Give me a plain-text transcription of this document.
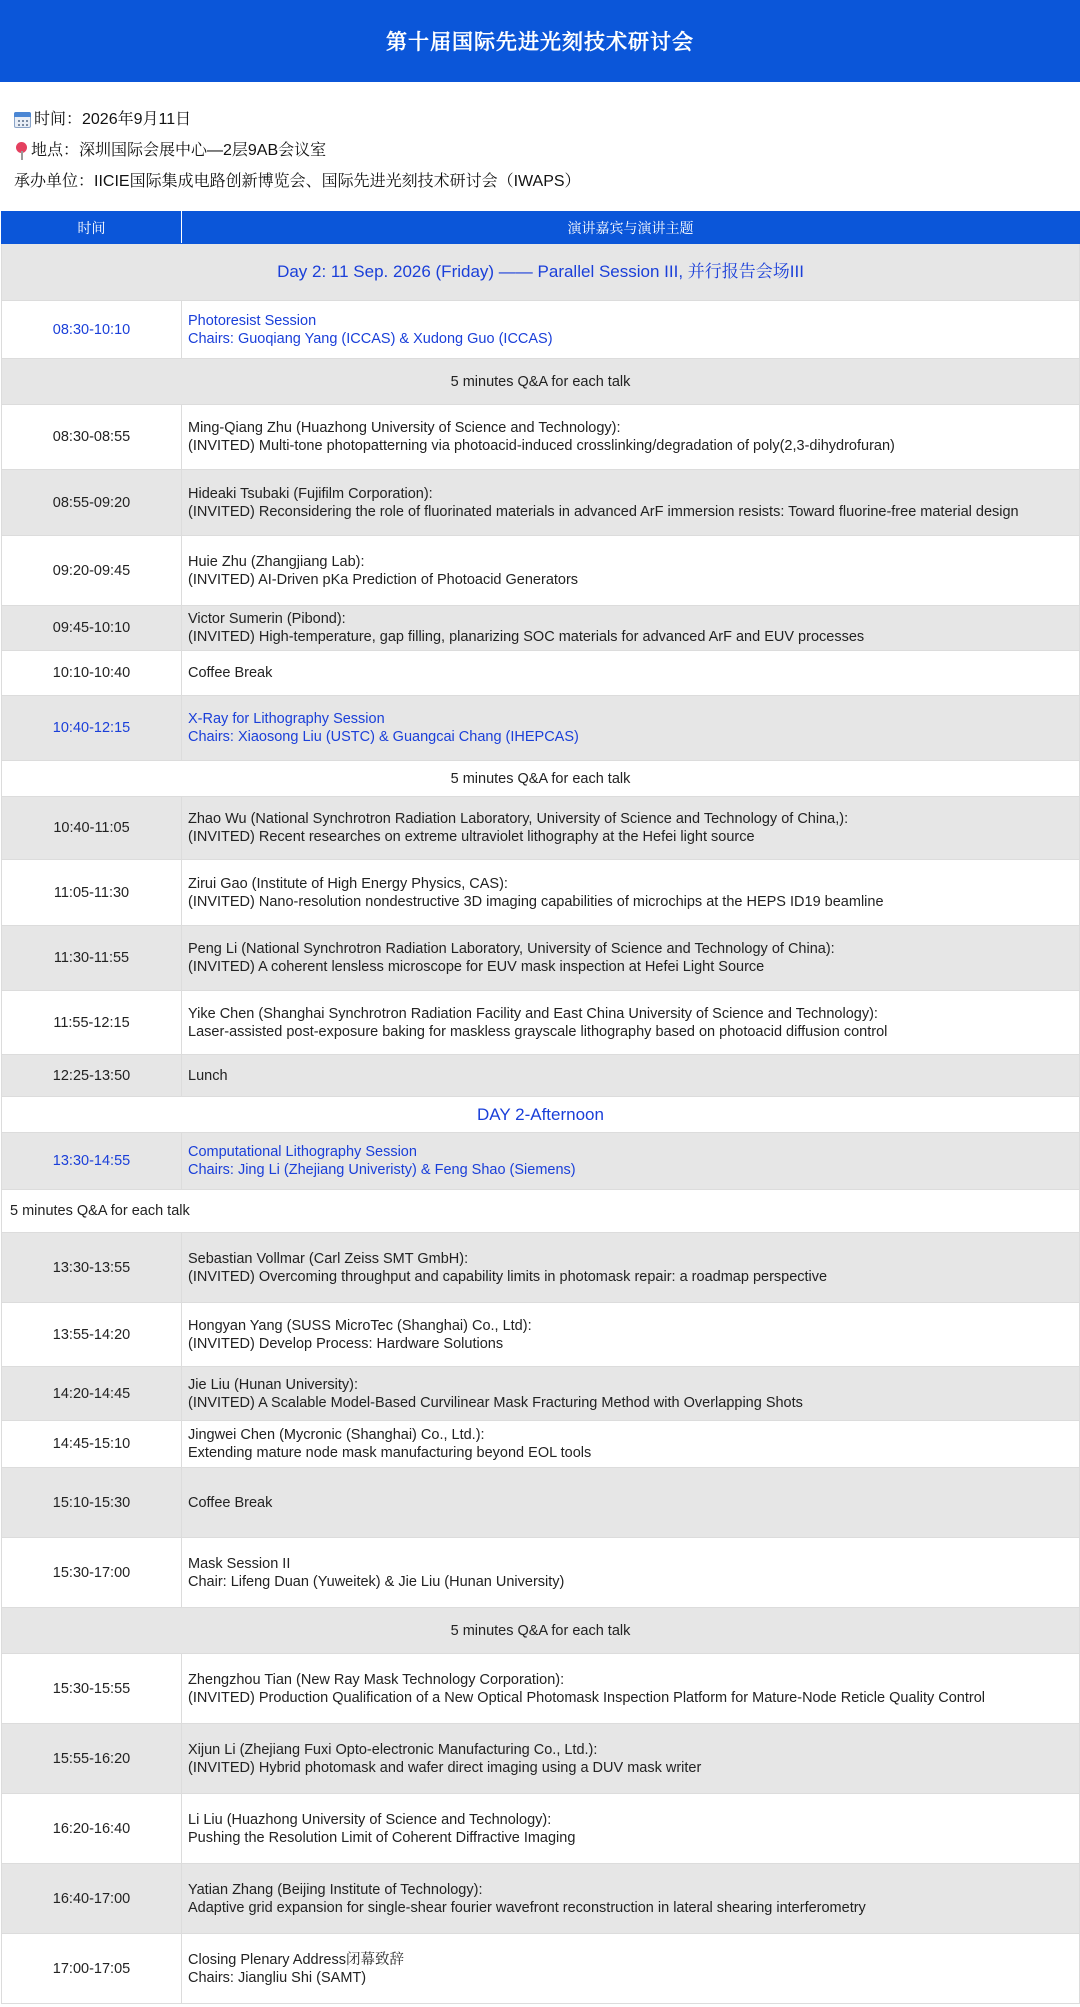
第十届国际先进光刻技术研讨会
时间：2026年9月11日
地点：深圳国际会展中心—2层9AB会议室
承办单位：IICIE国际集成电路创新博览会、国际先进光刻技术研讨会（IWAPS）
时间	演讲嘉宾与演讲主题
Day 2: 11 Sep. 2026 (Friday) —— Parallel Session III, 并行报告会场III	
08:30-10:10	Photoresist Session
Chairs: Guoqiang Yang (ICCAS) & Xudong Guo (ICCAS)

5 minutes Q&A for each talk	
08:30-08:55	Ming-Qiang Zhu (Huazhong University of Science and Technology):
(INVITED) Multi-tone photopatterning via photoacid-induced crosslinking/degradation of poly(2,3-dihydrofuran)

08:55-09:20	Hideaki Tsubaki (Fujifilm Corporation):
(INVITED) Reconsidering the role of fluorinated materials in advanced ArF immersion resists: Toward fluorine-free material design

09:20-09:45	Huie Zhu (Zhangjiang Lab):
(INVITED) AI-Driven pKa Prediction of Photoacid Generators

09:45-10:10	Victor Sumerin (Pibond):
(INVITED) High-temperature, gap filling, planarizing SOC materials for advanced ArF and EUV processes

10:10-10:40	Coffee Break
10:40-12:15	X-Ray for Lithography Session
Chairs: Xiaosong Liu (USTC) & Guangcai Chang (IHEPCAS)

5 minutes Q&A for each talk	
10:40-11:05	Zhao Wu (National Synchrotron Radiation Laboratory, University of Science and Technology of China,):
(INVITED) Recent researches on extreme ultraviolet lithography at the Hefei light source

11:05-11:30	Zirui Gao (Institute of High Energy Physics, CAS):
(INVITED) Nano-resolution nondestructive 3D imaging capabilities of microchips at the HEPS ID19 beamline

11:30-11:55	Peng Li (National Synchrotron Radiation Laboratory, University of Science and Technology of China):
(INVITED) A coherent lensless microscope for EUV mask inspection at Hefei Light Source

11:55-12:15	Yike Chen (Shanghai Synchrotron Radiation Facility and East China University of Science and Technology):
Laser-assisted post-exposure baking for maskless grayscale lithography based on photoacid diffusion control

12:25-13:50	Lunch
DAY 2-Afternoon	
13:30-14:55	Computational Lithography Session
Chairs: Jing Li (Zhejiang Univeristy) & Feng Shao (Siemens)

5 minutes Q&A for each talk	
13:30-13:55	Sebastian Vollmar (Carl Zeiss SMT GmbH):
(INVITED) Overcoming throughput and capability limits in photomask repair: a roadmap perspective

13:55-14:20	Hongyan Yang (SUSS MicroTec (Shanghai) Co., Ltd):
(INVITED) Develop Process: Hardware Solutions

14:20-14:45	Jie Liu (Hunan University):
(INVITED) A Scalable Model-Based Curvilinear Mask Fracturing Method with Overlapping Shots

14:45-15:10	Jingwei Chen (Mycronic (Shanghai) Co., Ltd.):
Extending mature node mask manufacturing beyond EOL tools

15:10-15:30	Coffee Break
15:30-17:00	Mask Session II
Chair: Lifeng Duan (Yuweitek) & Jie Liu (Hunan University)

5 minutes Q&A for each talk	
15:30-15:55	Zhengzhou Tian (New Ray Mask Technology Corporation):
(INVITED) Production Qualification of a New Optical Photomask Inspection Platform for Mature-Node Reticle Quality Control

15:55-16:20	Xijun Li (Zhejiang Fuxi Opto-electronic Manufacturing Co., Ltd.):
(INVITED) Hybrid photomask and wafer direct imaging using a DUV mask writer

16:20-16:40	Li Liu (Huazhong University of Science and Technology):
Pushing the Resolution Limit of Coherent Diffractive Imaging

16:40-17:00	Yatian Zhang (Beijing Institute of Technology):
Adaptive grid expansion for single-shear fourier wavefront reconstruction in lateral shearing interferometry

17:00-17:05	Closing Plenary Address闭幕致辞
Chairs: Jiangliu Shi (SAMT)
